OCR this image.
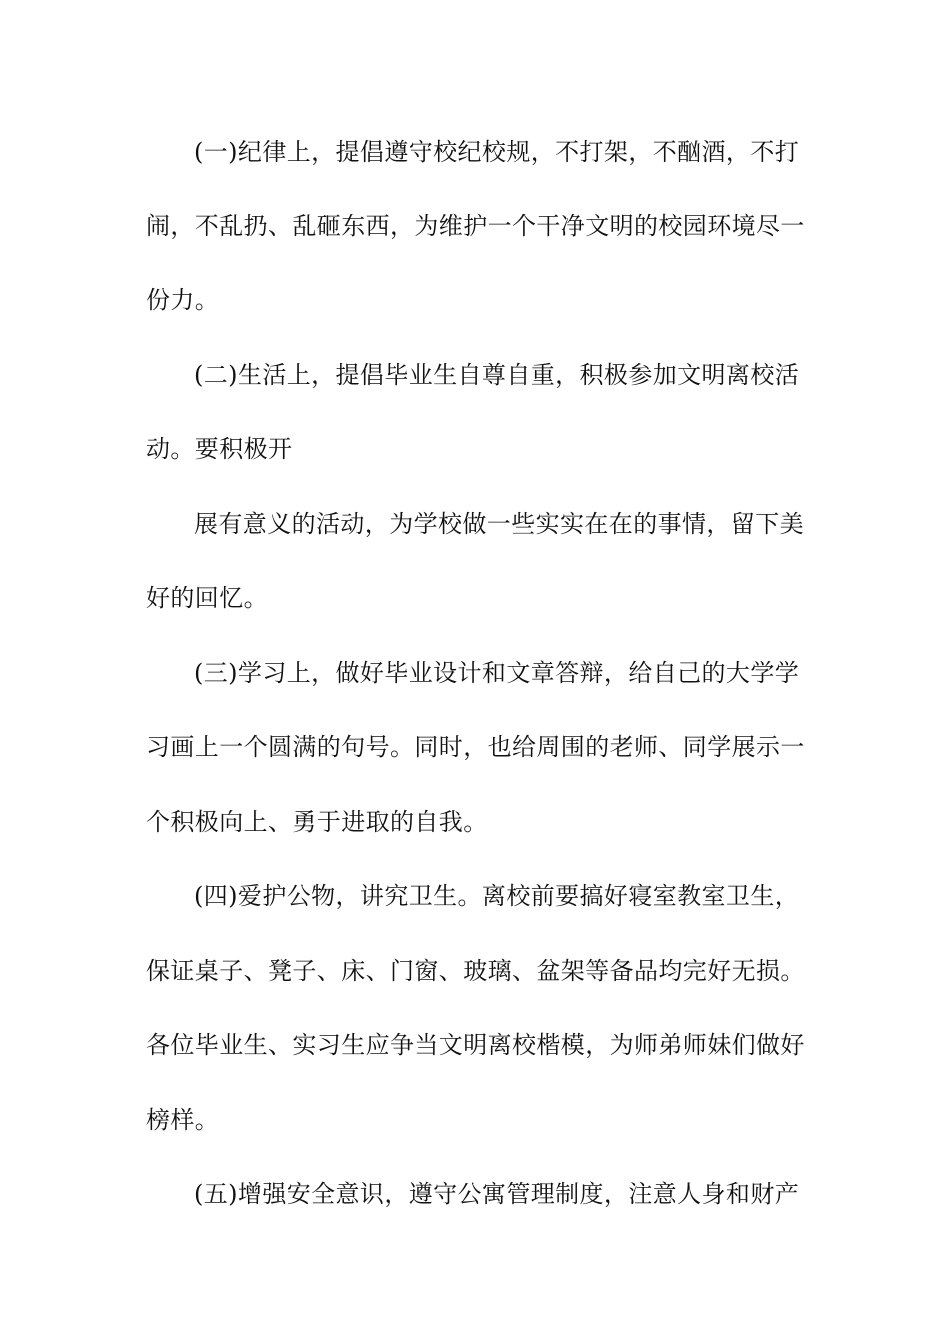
(一)纪律上，提倡遵守校纪校规，不打架，不酗酒，不打
闹，不乱扔、乱砸东西，为维护一个干净文明的校园环境尽一
份力。
(二)生活上，提倡毕业生自尊自重，积极参加文明离校活
动。要积极开
展有意义的活动，为学校做一些实实在在的事情，留下美
好的回忆。
(三)学习上，做好毕业设计和文章答辩，给自己的大学学
习画上一个圆满的句号。同时，也给周围的老师、同学展示一
个积极向上、勇于进取的自我。
(四)爱护公物，讲究卫生。离校前要搞好寝室教室卫生，
保证桌子、凳子、床、门窗、玻璃、盆架等备品均完好无损。
各位毕业生、实习生应争当文明离校楷模，为师弟师妹们做好
榜样。
(五)增强安全意识，遵守公寓管理制度，注意人身和财产
